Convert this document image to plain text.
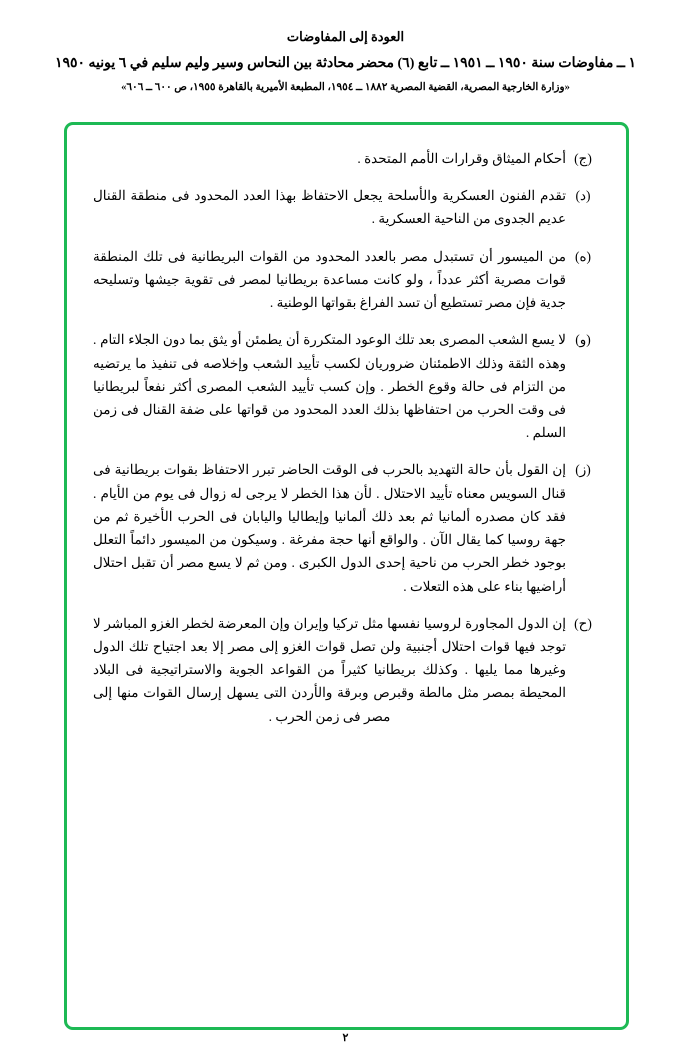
العودة إلى المفاوضات
١ ــ مفاوضات سنة ١٩٥٠ ــ ١٩٥١ ــ تابع (٦) محضر محادثة بين النحاس وسير وليم سليم في ٦ يونيه ١٩٥٠
«وزارة الخارجية المصرية، القضية المصرية ١٨٨٢ ــ ١٩٥٤، المطبعة الأميرية بالقاهرة ١٩٥٥، ص ٦٠٠ ــ ٦٠٦»
(ج)
أحكام الميثاق وقرارات الأمم المتحدة .
(د)
تقدم الفنون العسكرية والأسلحة يجعل الاحتفاظ بهذا العدد المحدود فى منطقة القنال عديم الجدوى من الناحية العسكرية .
(ه)
من الميسور أن تستبدل مصر بالعدد المحدود من القوات البريطانية فى تلك المنطقة قوات مصرية أكثر عدداً ، ولو كانت مساعدة بريطانيا لمصر فى تقوية جيشها وتسليحه جدية فإن مصر تستطيع أن تسد الفراغ بقواتها الوطنية .
(و)
لا يسع الشعب المصرى بعد تلك الوعود المتكررة أن يطمئن أو يثق بما دون الجلاء التام . وهذه الثقة وذلك الاطمئنان ضروريان لكسب تأييد الشعب وإخلاصه فى تنفيذ ما يرتضيه من التزام فى حالة وقوع الخطر . وإن كسب تأييد الشعب المصرى أكثر نفعاً لبريطانيا فى وقت الحرب من احتفاظها بذلك العدد المحدود من قواتها على ضفة القنال فى زمن السلم .
(ز)
إن القول بأن حالة التهديد بالحرب فى الوقت الحاضر تبرر الاحتفاظ بقوات بريطانية فى قنال السويس معناه تأييد الاحتلال . لأن هذا الخطر لا يرجى له زوال فى يوم من الأيام . فقد كان مصدره ألمانيا ثم بعد ذلك ألمانيا وإيطاليا واليابان فى الحرب الأخيرة ثم من جهة روسيا كما يقال الآن . والواقع أنها حجة مفرغة . وسيكون من الميسور دائماً التعلل بوجود خطر الحرب من ناحية إحدى الدول الكبرى . ومن ثم لا يسع مصر أن تقبل احتلال أراضيها بناء على هذه التعلات .
(ح)
إن الدول المجاورة لروسيا نفسها مثل تركيا وإيران وإن المعرضة لخطر الغزو المباشر لا توجد فيها قوات احتلال أجنبية ولن تصل قوات الغزو إلى مصر إلا بعد اجتياح تلك الدول وغيرها مما يليها . وكذلك بريطانيا كثيراً من القواعد الجوية والاستراتيجية فى البلاد المحيطة بمصر مثل مالطة وقبرص وبرقة والأردن التى يسهل إرسال القوات منها إلى مصر فى زمن الحرب .
٢
